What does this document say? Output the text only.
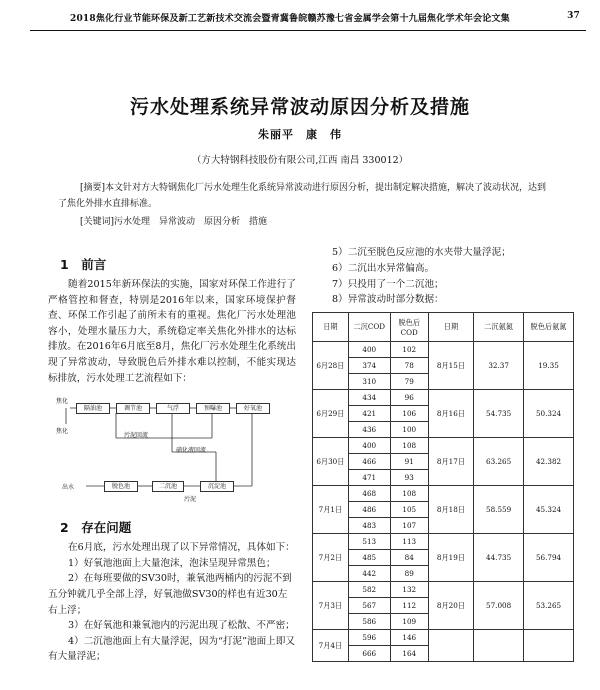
2018焦化行业节能环保及新工艺新技术交流会暨青冀鲁皖赣苏豫七省金属学会第十九届焦化学术年会论文集	37
污水处理系统异常波动原因分析及措施
朱丽平　康　伟
（方大特钢科技股份有限公司,江西 南昌 330012）
[摘要]本文针对方大特钢焦化厂污水处理生化系统异常波动进行原因分析，提出制定解决措施，解决了波动状况，达到了焦化外排水直排标准。
[关键词]污水处理　异常波动　原因分析　措施
1　前言

随着2015年新环保法的实施，国家对环保工作进行了严格管控和督查，特别是2016年以来，国家环境保护督查、环保工作引起了前所未有的重视。焦化厂污水处理池容小，处理水量压力大，系统稳定率关焦化外排水的达标排放。在2016年6月底至8月，焦化厂污水处理生化系统出现了异常波动，导致脱色后外排水难以控制，不能实现达标排放，污水处理工艺流程如下：

焦化
焦化
隔油池	调节池	气浮	预曝池	好氧池
污泥回流
硝化液回流
沉淀池
二沉池
脱色池
出水
污泥
2　存在问题

在6月底，污水处理出现了以下异常情况，具体如下：

1）好氧池池面上大量泡沫，泡沫呈现异常黑色；

2）在每班要做的SV30时，兼氧池两桶内的污泥不到五分钟就几乎全部上浮，好氧池做SV30的样也有近30左右上浮；

3）在好氧池和兼氧池内的污泥出现了松散、不严密；

4）二沉池池面上有大量浮泥，因为“打泥”池面上即又有大量浮泥；

5）二沉至脱色反应池的水夹带大量浮泥；

6）二沉出水异常偏高。

7）只投用了一个二沉池；

8）异常波动时部分数据：

日期	二沉COD	脱色后COD	日期	二沉氨氮	脱色后氨氮
6月28日	400	102	8月15日	32.37	19.35
	374	78			
	310	79			
6月29日	434	96	8月16日	54.735	50.324
	421	106			
	436	100			
6月30日	400	108	8月17日	63.265	42.382
	466	91			
	471	93			
7月1日	468	108	8月18日	58.559	45.324
	486	105			
	483	107			
7月2日	513	113	8月19日	44.735	56.794
	485	84			
	442	89			
7月3日	582	132	8月20日	57.008	53.265
	567	112			
	586	109			
7月4日	596	146			
	666	164			
